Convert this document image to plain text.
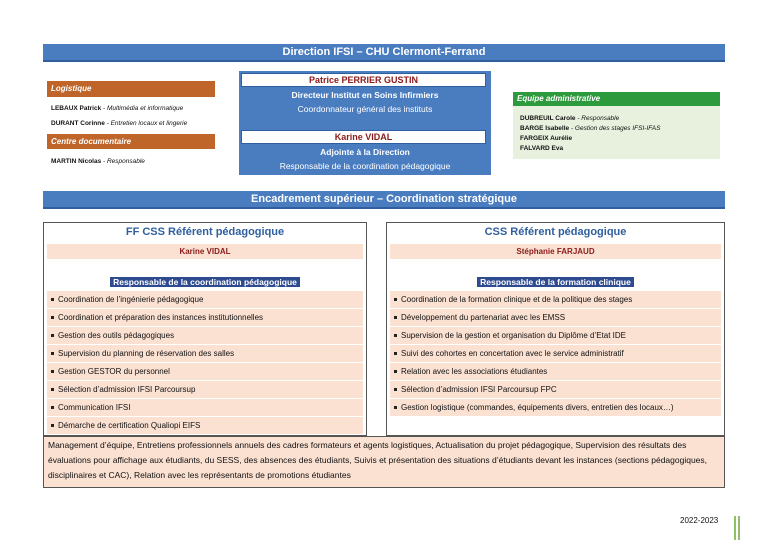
Direction IFSI – CHU Clermont-Ferrand
Logistique
LEBAUX Patrick - Multimédia et informatique
DURANT Corinne - Entretien locaux et lingerie
Centre documentaire
MARTIN Nicolas - Responsable
Patrice PERRIER GUSTIN
Directeur Institut en Soins Infirmiers
Coordonnateur général des instituts
Karine VIDAL
Adjointe à la Direction
Responsable de la coordination pédagogique
Equipe administrative
DUBREUIL Carole - Responsable
BARGE Isabelle - Gestion des stages IFSI-IFAS
FARGEIX Aurélie
FALVARD Eva
Encadrement supérieur – Coordination stratégique
FF CSS Référent pédagogique
Karine VIDAL
Responsable de la coordination pédagogique
Coordination de l’ingénierie pédagogique
Coordination et préparation des instances institutionnelles
Gestion des outils pédagogiques
Supervision du planning de réservation des salles
Gestion GESTOR du personnel
Sélection d’admission IFSI Parcoursup
Communication IFSI
Démarche de certification Qualiopi EIFS
CSS Référent pédagogique
Stéphanie FARJAUD
Responsable de la formation clinique
Coordination de la formation clinique et de la politique des stages
Développement du partenariat avec les EMSS
Supervision de la gestion et organisation du Diplôme d’Etat IDE
Suivi des cohortes en concertation avec le service administratif
Relation avec les associations étudiantes
Sélection d’admission IFSI Parcoursup FPC
Gestion logistique (commandes, équipements divers, entretien des locaux…)
Management d’équipe, Entretiens professionnels annuels des cadres formateurs et agents logistiques, Actualisation du projet pédagogique, Supervision des résultats des évaluations pour affichage aux étudiants, du SESS, des absences des étudiants, Suivis et présentation des situations d’étudiants devant les instances (sections pédagogiques, disciplinaires et CAC), Relation avec les représentants de promotions étudiantes
2022-2023
